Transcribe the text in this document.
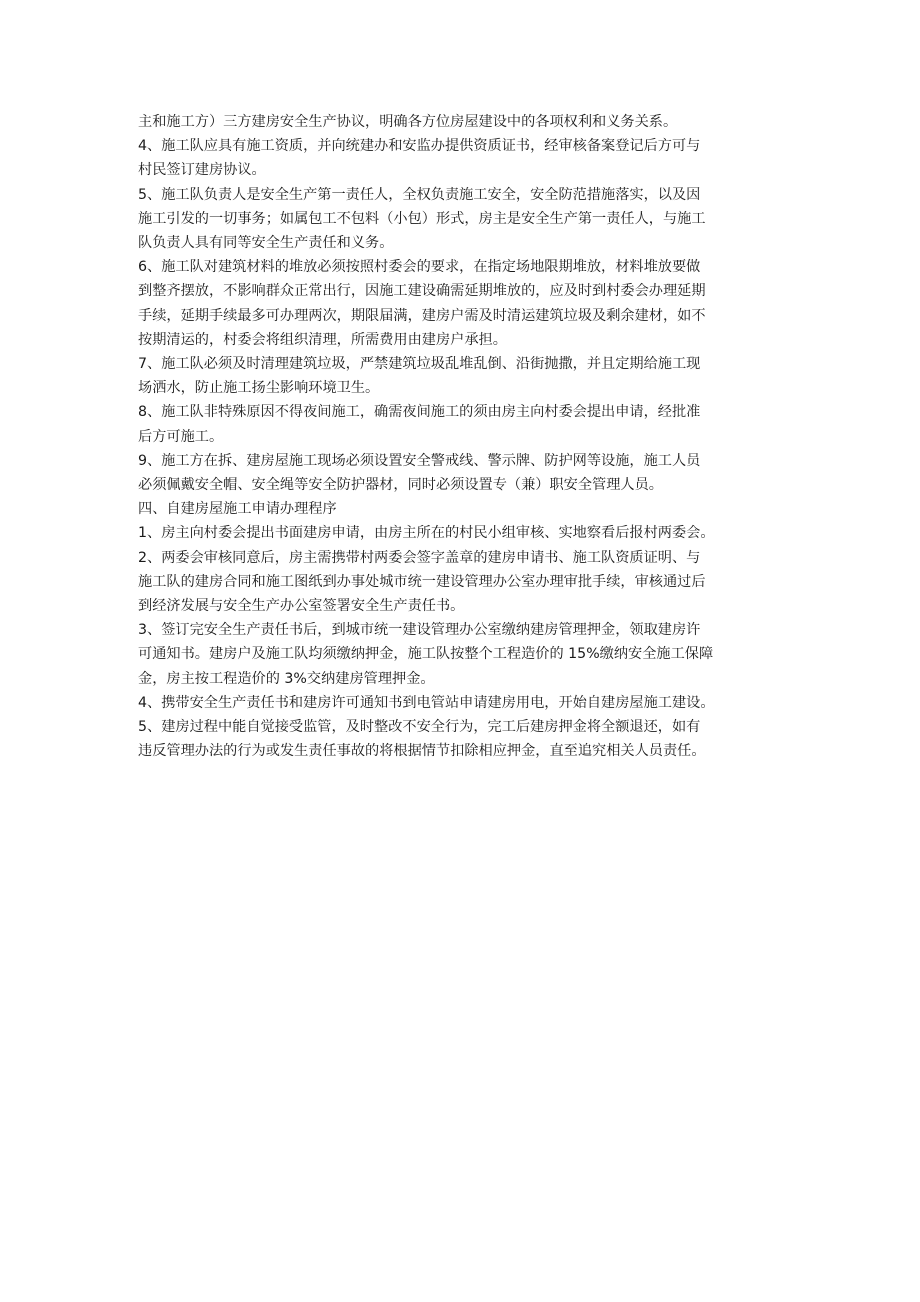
主和施工方）三方建房安全生产协议，明确各方位房屋建设中的各项权利和义务关系。
4、施工队应具有施工资质，并向统建办和安监办提供资质证书，经审核备案登记后方可与
村民签订建房协议。
5、施工队负责人是安全生产第一责任人，全权负责施工安全，安全防范措施落实，以及因
施工引发的一切事务；如属包工不包料（小包）形式，房主是安全生产第一责任人，与施工
队负责人具有同等安全生产责任和义务。
6、施工队对建筑材料的堆放必须按照村委会的要求，在指定场地限期堆放，材料堆放要做
到整齐摆放，不影响群众正常出行，因施工建设确需延期堆放的，应及时到村委会办理延期
手续，延期手续最多可办理两次，期限届满，建房户需及时清运建筑垃圾及剩余建材，如不
按期清运的，村委会将组织清理，所需费用由建房户承担。
7、施工队必须及时清理建筑垃圾，严禁建筑垃圾乱堆乱倒、沿街抛撒，并且定期给施工现
场洒水，防止施工扬尘影响环境卫生。
8、施工队非特殊原因不得夜间施工，确需夜间施工的须由房主向村委会提出申请，经批准
后方可施工。
9、施工方在拆、建房屋施工现场必须设置安全警戒线、警示牌、防护网等设施，施工人员
必须佩戴安全帽、安全绳等安全防护器材，同时必须设置专（兼）职安全管理人员。
四、自建房屋施工申请办理程序
1、房主向村委会提出书面建房申请，由房主所在的村民小组审核、实地察看后报村两委会。
2、两委会审核同意后，房主需携带村两委会签字盖章的建房申请书、施工队资质证明、与
施工队的建房合同和施工图纸到办事处城市统一建设管理办公室办理审批手续，审核通过后
到经济发展与安全生产办公室签署安全生产责任书。
3、签订完安全生产责任书后，到城市统一建设管理办公室缴纳建房管理押金，领取建房许
可通知书。建房户及施工队均须缴纳押金，施工队按整个工程造价的 15%缴纳安全施工保障
金，房主按工程造价的 3%交纳建房管理押金。
4、携带安全生产责任书和建房许可通知书到电管站申请建房用电，开始自建房屋施工建设。
5、建房过程中能自觉接受监管，及时整改不安全行为，完工后建房押金将全额退还，如有
违反管理办法的行为或发生责任事故的将根据情节扣除相应押金，直至追究相关人员责任。
